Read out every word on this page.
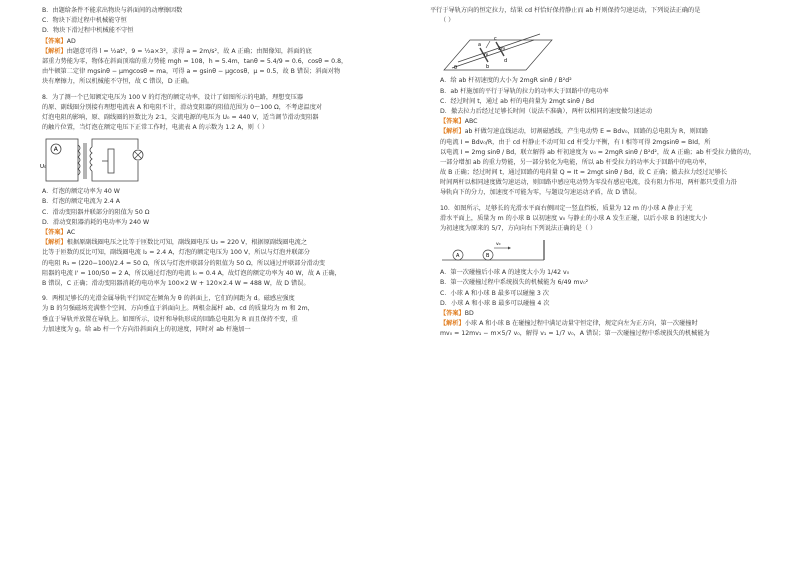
B．由题给条件不能求出物块与斜面间的动摩擦因数
C．物块下滑过程中机械能守恒
D．物块下滑过程中机械能不守恒
【答案】AD
【解析】由题意可得 l = ½at²，9 = ½a×3²，求得 a = 2m/s²，故 A 正确；由图像知，斜面的底
部重力势能为零，物体在斜面顶端的重力势能 mgh = 108，h = 5.4m，tanθ = 5.4/9 = 0.6，cosθ = 0.8，
由牛顿第二定律 mgsinθ − μmgcosθ = ma，可得 a = gsinθ − μgcosθ，μ = 0.5，故 B 错误；斜面对物
块有摩擦力，所以机械能不守恒，故 C 错误，D 正确。
8．为了测一个已知额定电压为 100 V 的灯泡的额定功率，设计了如图所示的电路，理想变压器
的原、副线圈分别接有理想电流表 A 和电阻不计，滑动变阻器的阻值范围为 0～100 Ω，不考虑温度对
灯泡电阻的影响，原、副线圈的匝数比为 2∶1，交流电源的电压为 U₀ = 440 V，适当调节滑动变阻器
的触片位置，当灯泡在额定电压下正常工作时，电流表 A 的示数为 1.2 A，则（ ）
A
U₀
A．灯泡的额定功率为 40 W
B．灯泡的额定电流为 2.4 A
C．滑动变阻器并联部分的阻值为 50 Ω
D．滑动变阻器消耗的电功率为 240 W
【答案】AC
【解析】根据原副线圈电压之比等于匝数比可知，副线圈电压 U₂ = 220 V，根据原副线圈电流之
比等于匝数的反比可知，副线圈电流 I₂ = 2.4 A，灯泡的额定电压为 100 V，所以与灯泡并联部分
的电阻 R₁ = (220−100)/2.4 = 50 Ω，所以与灯泡并联部分的阻值为 50 Ω，所以通过并联部分滑动变
阻器的电流 I' = 100/50 = 2 A，所以通过灯泡的电流 I₀ = 0.4 A，故灯泡的额定功率为 40 W，故 A 正确，
B 错误，C 正确；滑动变阻器消耗的电功率为 100×2 W + 120×2.4 W = 488 W，故 D 错误。
9．两根足够长的光滑金属导轨平行固定在倾角为 θ 的斜面上，它们的间距为 d。磁感应强度
为 B 的匀强磁场充满整个空间、方向垂直于斜面向上。两根金属杆 ab、cd 的质量均为 m 和 2m，
垂直于导轨并放置在导轨上。如图所示，设杆和导轨形成的回路总电阻为 R 而且保持不变，重
力加速度为 g。给 ab 杆一个方向沿斜面向上的初速度，同时对 ab 杆施加一
平行于导轨方向的恒定拉力，结果 cd 杆恰好保持静止而 ab 杆则保持匀速运动，下列说法正确的是
（ ）
a
b
c
d
m
2m
θ
A．给 ab 杆初速度的大小为 2mgR sinθ / B²d²
B．ab 杆施加的平行于导轨的拉力的功率大于回路中的电功率
C．经过时间 t，通过 ab 杆的电荷量为 2mgt sinθ / Bd
D．撤去拉力后经过足够长时间（说法不准确），两杆以相同的速度做匀速运动
【答案】ABC
【解析】ab 杆做匀速直线运动，切割磁感线，产生电动势 E = Bdv₀，回路的总电阻为 R，则回路
的电流 I = Bdv₀/R，由于 cd 杆静止不动可知 cd 杆受力平衡，有 I 相等可得 2mgsinθ = BId，所
以电流 I = 2mg sinθ / Bd，联立解得 ab 杆初速度为 v₀ = 2mgR sinθ / B²d²，故 A 正确；ab 杆受拉力做的功，
一部分增加 ab 的重力势能，另一部分转化为电能，所以 ab 杆受拉力的功率大于回路中的电功率，
故 B 正确；经过时间 t，通过回路的电荷量 Q = It = 2mgt sinθ / Bd，故 C 正确；撤去拉力经过足够长
时间两杆以相同速度做匀速运动，则回路中感应电动势为零没有感应电流，没有阻力作用，两杆都只受重力沿
导轨向下的分力，加速度不可能为零，与题设匀速运动矛盾，故 D 错误。
10．如图所示，足够长的光滑水平面右侧固定一竖直挡板，质量为 12 m 的小球 A 静止于光
滑水平面上，质量为 m 的小球 B 以初速度 v₀ 与静止的小球 A 发生正碰，以后小球 B 的速度大小
为初速度为原来的 5/7，方向向右下列说法正确的是（ ）
A	B
v₀
A．第一次碰撞后小球 A 的速度大小为 1/42 v₀
B．第一次碰撞过程中系统损失的机械能为 6/49 mv₀²
C．小球 A 和小球 B 最多可以碰撞 3 次
D．小球 A 和小球 B 最多可以碰撞 4 次
【答案】BD
【解析】小球 A 和小球 B 在碰撞过程中满足动量守恒定律，规定向左为正方向，第一次碰撞时
mv₀ = 12mv₁ − m×5/7 v₀，解得 v₁ = 1/7 v₀，A 错误；第一次碰撞过程中系统损失的机械能为
